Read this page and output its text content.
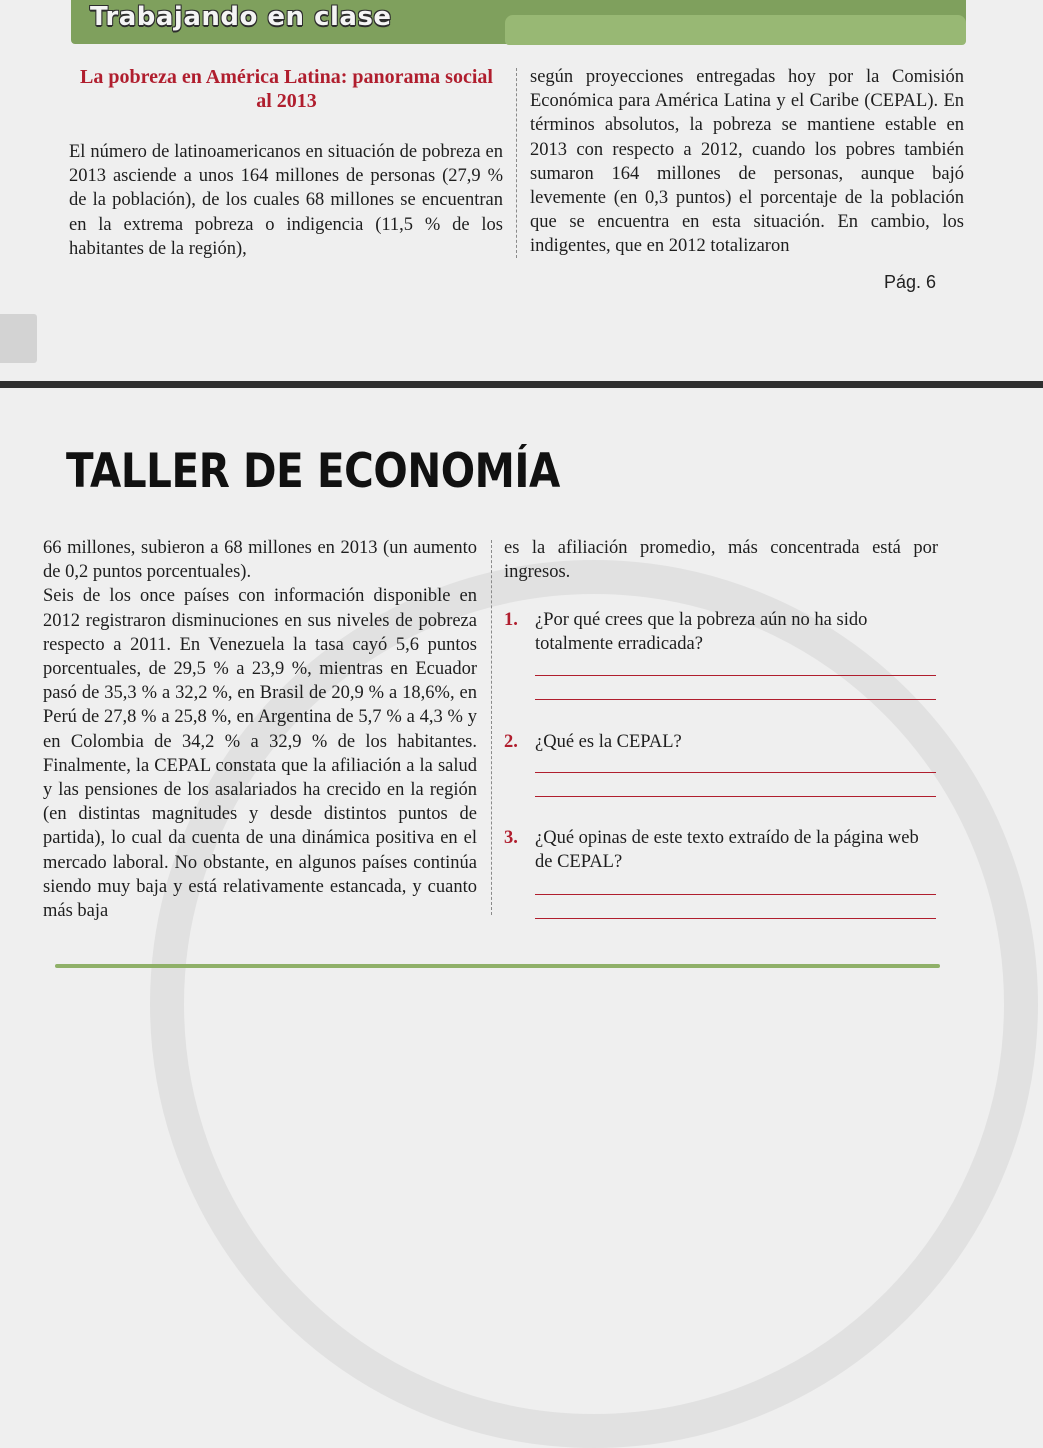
Trabajando en clase
La pobreza en América Latina: panorama social al 2013

El número de latinoamericanos en situación de pobreza en 2013 asciende a unos 164 millones de personas (27,9 % de la población), de los cuales 68 millones se encuentran en la extrema pobreza o indigencia (11,5 % de los habitantes de la región),

según proyecciones entregadas hoy por la Comisión Económica para América Latina y el Caribe (CEPAL). En términos absolutos, la pobreza se mantiene estable en 2013 con respecto a 2012, cuando los pobres también sumaron 164 millones de personas, aunque bajó levemente (en 0,3 puntos) el porcentaje de la población que se encuentra en esta situación. En cambio, los indigentes, que en 2012 totalizaron

Pág. 6
TALLER DE ECONOMÍA

66 millones, subieron a 68 millones en 2013 (un aumento de 0,2 puntos porcentuales).

Seis de los once países con información disponible en 2012 registraron disminuciones en sus niveles de pobreza respecto a 2011. En Venezuela la tasa cayó 5,6 puntos porcentuales, de 29,5 % a 23,9 %, mientras en Ecuador pasó de 35,3 % a 32,2 %, en Brasil de 20,9 % a 18,6%, en Perú de 27,8 % a 25,8 %, en Argentina de 5,7 % a 4,3 % y en Colombia de 34,2 % a 32,9 % de los habitantes. Finalmente, la CEPAL constata que la afiliación a la salud y las pensiones de los asalariados ha crecido en la región (en distintas magnitudes y desde distintos puntos de partida), lo cual da cuenta de una dinámica positiva en el mercado laboral. No obstante, en algunos países continúa siendo muy baja y está relativamente estancada, y cuanto más baja

es la afiliación promedio, más concentrada está por ingresos.

1. ¿Por qué crees que la pobreza aún no ha sido totalmente erradicada?
2. ¿Qué es la CEPAL?
3. ¿Qué opinas de este texto extraído de la página web de CEPAL?
